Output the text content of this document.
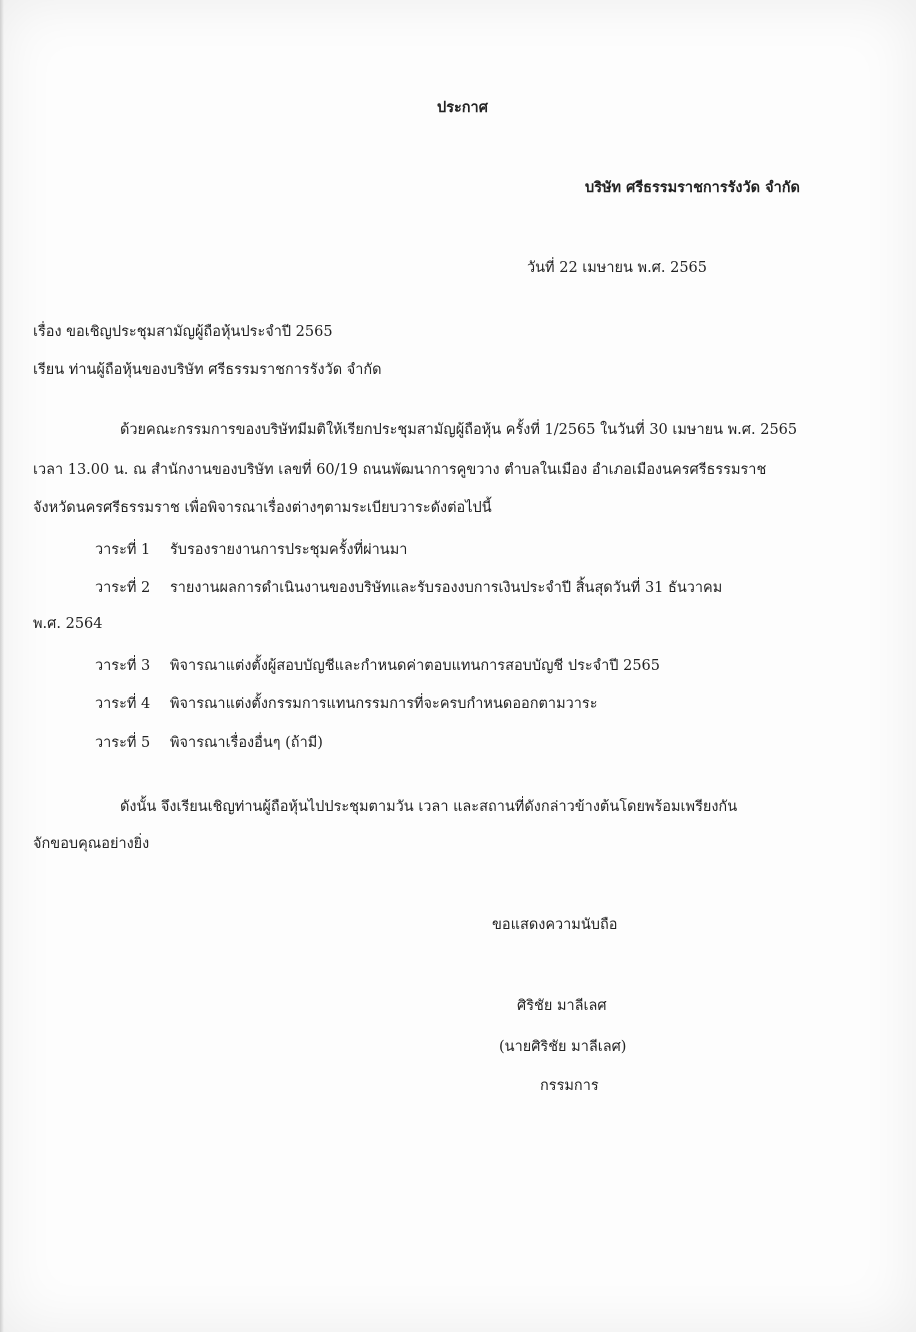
ประกาศ
บริษัท ศรีธรรมราชการรังวัด จำกัด
วันที่ 22 เมษายน พ.ศ. 2565
เรื่อง ขอเชิญประชุมสามัญผู้ถือหุ้นประจำปี 2565
เรียน ท่านผู้ถือหุ้นของบริษัท ศรีธรรมราชการรังวัด จำกัด
ด้วยคณะกรรมการของบริษัทมีมติให้เรียกประชุมสามัญผู้ถือหุ้น ครั้งที่ 1/2565 ในวันที่ 30 เมษายน พ.ศ. 2565
เวลา 13.00 น. ณ สำนักงานของบริษัท เลขที่ 60/19 ถนนพัฒนาการคูขวาง ตำบลในเมือง อำเภอเมืองนครศรีธรรมราช
จังหวัดนครศรีธรรมราช เพื่อพิจารณาเรื่องต่างๆตามระเบียบวาระดังต่อไปนี้
วาระที่ 1 รับรองรายงานการประชุมครั้งที่ผ่านมา
วาระที่ 2 รายงานผลการดำเนินงานของบริษัทและรับรองงบการเงินประจำปี สิ้นสุดวันที่ 31 ธันวาคม
พ.ศ. 2564
วาระที่ 3 พิจารณาแต่งตั้งผู้สอบบัญชีและกำหนดค่าตอบแทนการสอบบัญชี ประจำปี 2565
วาระที่ 4 พิจารณาแต่งตั้งกรรมการแทนกรรมการที่จะครบกำหนดออกตามวาระ
วาระที่ 5 พิจารณาเรื่องอื่นๆ (ถ้ามี)
ดังนั้น จึงเรียนเชิญท่านผู้ถือหุ้นไปประชุมตามวัน เวลา และสถานที่ดังกล่าวข้างต้นโดยพร้อมเพรียงกัน
จักขอบคุณอย่างยิ่ง
ขอแสดงความนับถือ
ศิริชัย มาลีเลศ
(นายศิริชัย มาลีเลศ)
กรรมการ
